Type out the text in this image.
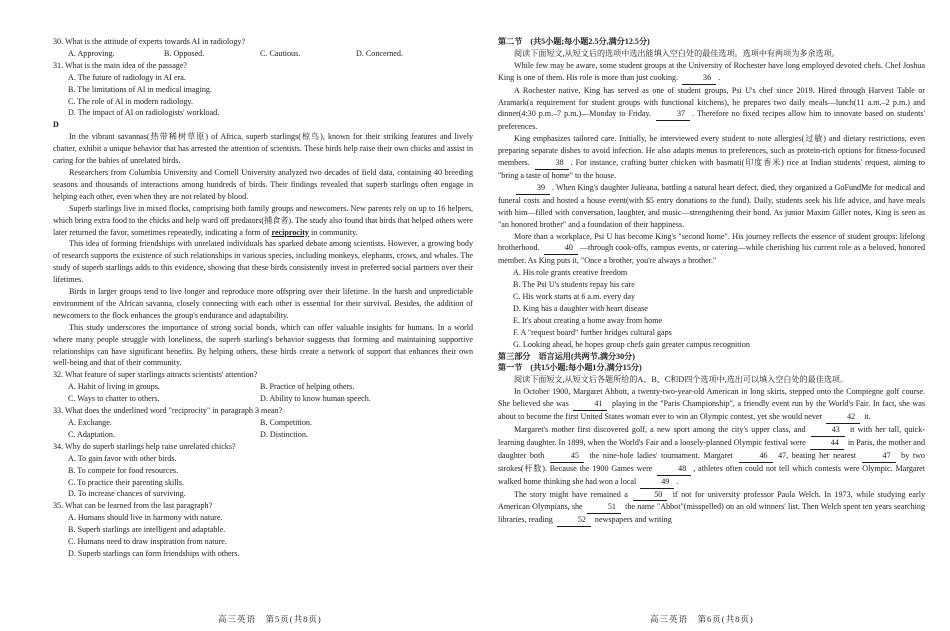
30. What is the attitude of experts towards AI in radiology?

A. Approving.	B. Opposed.	C. Cautious.	D. Concerned.

31. What is the main idea of the passage?

A. The future of radiology in AI era.

B. The limitations of AI in medical imaging.

C. The role of AI in modern radiology.

D. The impact of AI on radiologists' workload.

D

In the vibrant savannas(热带稀树草原) of Africa, superb starlings(椋鸟), known for their striking features and lively chatter, exhibit a unique behavior that has arrested the attention of scientists. These birds help raise their own chicks and assist in caring for the babies of unrelated birds.

Researchers from Columbia University and Cornell University analyzed two decades of field data, containing 40 breeding seasons and thousands of interactions among hundreds of birds. Their findings revealed that superb starlings often engage in helping each other, even when they are not related by blood.

Superb starlings live in mixed flocks, comprising both family groups and newcomers. New parents rely on up to 16 helpers, which bring extra food to the chicks and help ward off predators(捕食者). The study also found that birds that helped others were later returned the favor, sometimes repeatedly, indicating a form of reciprocity in community.

This idea of forming friendships with unrelated individuals has sparked debate among scientists. However, a growing body of research supports the existence of such relationships in various species, including monkeys, elephants, crows, and whales. The study of superb starlings adds to this evidence, showing that these birds consistently invest in preferred social partners over their lifetimes.

Birds in larger groups tend to live longer and reproduce more offspring over their lifetime. In the harsh and unpredictable environment of the African savanna, closely connecting with each other is essential for their survival. Besides, the addition of newcomers to the flock enhances the group's endurance and adaptability.

This study underscores the importance of strong social bonds, which can offer valuable insights for humans. In a world where many people struggle with loneliness, the superb starling's behavior suggests that forming and maintaining supportive relationships can have significant benefits. By helping others, these birds create a network of support that enhances their own well-being and that of their community.

32. What feature of super starlings attracts scientists' attention?

A. Habit of living in groups.	B. Practice of helping others.
C. Ways to chatter to others.	D. Ability to know human speech.

33. What does the underlined word "reciprocity" in paragraph 3 mean?

A. Exchange.	B. Competition.
C. Adaptation.	D. Distinction.

34. Why do superb starlings help raise unrelated chicks?

A. To gain favor with other birds.

B. To compete for food resources.

C. To practice their parenting skills.

D. To increase chances of surviving.

35. What can be learned from the last paragraph?

A. Humans should live in harmony with nature.

B. Superb starlings are intelligent and adaptable.

C. Humans need to draw inspiration from nature.

D. Superb starlings can form friendships with others.

第二节　(共5小题;每小题2.5分,满分12.5分)

阅读下面短文,从短文后的选项中选出能填入空白处的最佳选项。选项中有两项为多余选项。

While few may be aware, some student groups at the University of Rochester have long employed devoted chefs. Chef Joshua King is one of them. His role is more than just cooking.	36 .

A Rochester native, King has served as one of student groups, Psi U's chef since 2019. Hired through Harvest Table or Aramark(a requirement for student groups with functional kitchens), he prepares two daily meals—lunch(11 a.m.–2 p.m.) and dinner(4:30 p.m.–7 p.m.)—Monday to Friday.	37 . Therefore no fixed recipes allow him to innovate based on students' preferences.

King emphasizes tailored care. Initially, he interviewed every student to note allergies(过敏) and dietary restrictions, even preparing separate dishes to avoid infection. He also adapts menus to preferences, such as protein-rich options for fitness-focused members.	38 . For instance, crafting butter chicken with basmati(印度香米) rice at Indian students' request, aiming to "bring a taste of home" to the house.

39 . When King's daughter Julieana, battling a natural heart defect, died, they organized a GoFundMe for medical and funeral costs and hosted a house event(with $5 entry donations to the fund). Daily, students seek his life advice, and have meals with him—filled with conversation, laughter, and music—strengthening their bond. As junior Maxim Giller notes, King is seen as "an honored brother" and a foundation of their happiness.

More than a workplace, Psi U has become King's "second home". His journey reflects the essence of student groups: lifelong brotherhood.	40 —through cook-offs, campus events, or catering—while cherishing his current role as a beloved, honored member. As King puts it, "Once a brother, you're always a brother."

A. His role grants creative freedom

B. The Psi U's students repay his care

C. His work starts at 6 a.m. every day

D. King has a daughter with heart disease

E. It's about creating a home away from home

F. A "request board" further bridges cultural gaps

G. Looking ahead, he hopes group chefs gain greater campus recognition

第三部分　语言运用(共两节,满分30分)

第一节　(共15小题;每小题1分,满分15分)

阅读下面短文,从短文后各题所给的A、B、C和D四个选项中,选出可以填入空白处的最佳选项。

In October 1900, Margaret Abbott, a twenty-two-year-old American in long skirts, stepped onto the Compiegne golf course. She believed she was	41 playing in the "Paris Championship", a friendly event run by the World's Fair. In fact, she was about to become the first United States woman ever to win an Olympic contest, yet she would never	42 it.

Margaret's mother first discovered golf, a new sport among the city's upper class, and	43 it with her tall, quick-learning daughter. In 1899, when the World's Fair and a loosely-planned Olympic festival were	44 in Paris, the mother and daughter both	45 the nine-hole ladies' tournament. Margaret	46 47, beating her nearest	47 by two strokes(杆数). Because the 1900 Games were	48 , athletes often could not tell which contests were Olympic. Margaret walked home thinking she had won a local	49 .

The story might have remained a	50 if not for university professor Paula Welch. In 1973, while studying early American Olympians, she	51 the name "Abbot"(misspelled) on an old winners' list. Then Welch spent ten years searching libraries, reading	52 newspapers and writing

高三英语　第5页(共8页)	高三英语　第6页(共8页)
